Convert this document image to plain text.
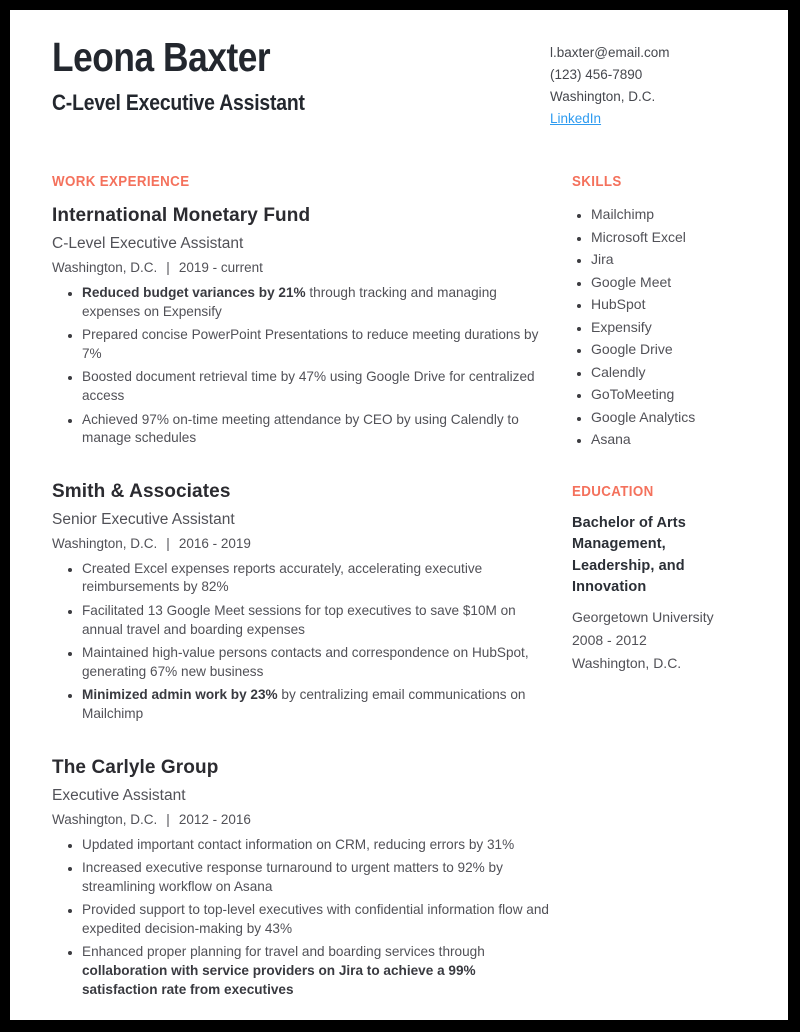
Leona Baxter
C-Level Executive Assistant
l.baxter@email.com
(123) 456-7890
Washington, D.C.
LinkedIn
WORK EXPERIENCE
International Monetary Fund
C-Level Executive Assistant
Washington, D.C. | 2019 - current
• Reduced budget variances by 21% through tracking and managing expenses on Expensify
• Prepared concise PowerPoint Presentations to reduce meeting durations by 7%
• Boosted document retrieval time by 47% using Google Drive for centralized access
• Achieved 97% on-time meeting attendance by CEO by using Calendly to manage schedules
Smith & Associates
Senior Executive Assistant
Washington, D.C. | 2016 - 2019
• Created Excel expenses reports accurately, accelerating executive reimbursements by 82%
• Facilitated 13 Google Meet sessions for top executives to save $10M on annual travel and boarding expenses
• Maintained high-value persons contacts and correspondence on HubSpot, generating 67% new business
• Minimized admin work by 23% by centralizing email communications on Mailchimp
The Carlyle Group
Executive Assistant
Washington, D.C. | 2012 - 2016
• Updated important contact information on CRM, reducing errors by 31%
• Increased executive response turnaround to urgent matters to 92% by streamlining workflow on Asana
• Provided support to top-level executives with confidential information flow and expedited decision-making by 43%
• Enhanced proper planning for travel and boarding services through collaboration with service providers on Jira to achieve a 99% satisfaction rate from executives
SKILLS
• Mailchimp
• Microsoft Excel
• Jira
• Google Meet
• HubSpot
• Expensify
• Google Drive
• Calendly
• GoToMeeting
• Google Analytics
• Asana
EDUCATION
Bachelor of Arts Management, Leadership, and Innovation
Georgetown University
2008 - 2012
Washington, D.C.
